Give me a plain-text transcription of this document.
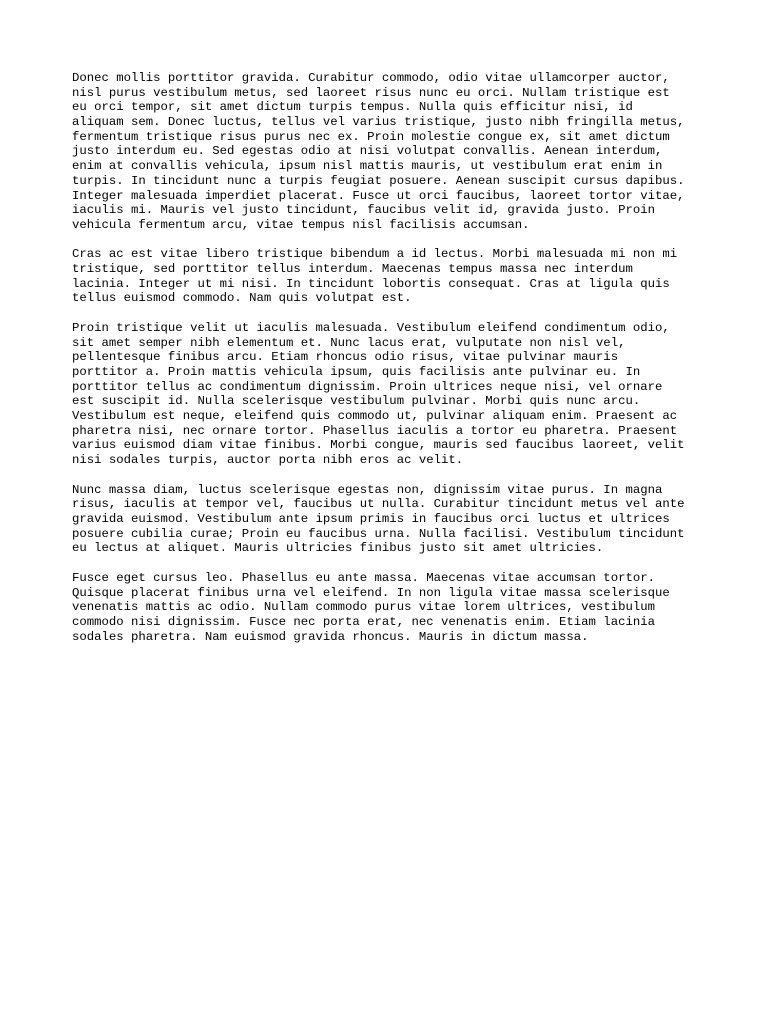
Donec mollis porttitor gravida. Curabitur commodo, odio vitae ullamcorper auctor,
nisl purus vestibulum metus, sed laoreet risus nunc eu orci. Nullam tristique est
eu orci tempor, sit amet dictum turpis tempus. Nulla quis efficitur nisi, id
aliquam sem. Donec luctus, tellus vel varius tristique, justo nibh fringilla metus,
fermentum tristique risus purus nec ex. Proin molestie congue ex, sit amet dictum
justo interdum eu. Sed egestas odio at nisi volutpat convallis. Aenean interdum,
enim at convallis vehicula, ipsum nisl mattis mauris, ut vestibulum erat enim in
turpis. In tincidunt nunc a turpis feugiat posuere. Aenean suscipit cursus dapibus.
Integer malesuada imperdiet placerat. Fusce ut orci faucibus, laoreet tortor vitae,
iaculis mi. Mauris vel justo tincidunt, faucibus velit id, gravida justo. Proin
vehicula fermentum arcu, vitae tempus nisl facilisis accumsan.

Cras ac est vitae libero tristique bibendum a id lectus. Morbi malesuada mi non mi
tristique, sed porttitor tellus interdum. Maecenas tempus massa nec interdum
lacinia. Integer ut mi nisi. In tincidunt lobortis consequat. Cras at ligula quis
tellus euismod commodo. Nam quis volutpat est.

Proin tristique velit ut iaculis malesuada. Vestibulum eleifend condimentum odio,
sit amet semper nibh elementum et. Nunc lacus erat, vulputate non nisl vel,
pellentesque finibus arcu. Etiam rhoncus odio risus, vitae pulvinar mauris
porttitor a. Proin mattis vehicula ipsum, quis facilisis ante pulvinar eu. In
porttitor tellus ac condimentum dignissim. Proin ultrices neque nisi, vel ornare
est suscipit id. Nulla scelerisque vestibulum pulvinar. Morbi quis nunc arcu.
Vestibulum est neque, eleifend quis commodo ut, pulvinar aliquam enim. Praesent ac
pharetra nisi, nec ornare tortor. Phasellus iaculis a tortor eu pharetra. Praesent
varius euismod diam vitae finibus. Morbi congue, mauris sed faucibus laoreet, velit
nisi sodales turpis, auctor porta nibh eros ac velit.

Nunc massa diam, luctus scelerisque egestas non, dignissim vitae purus. In magna
risus, iaculis at tempor vel, faucibus ut nulla. Curabitur tincidunt metus vel ante
gravida euismod. Vestibulum ante ipsum primis in faucibus orci luctus et ultrices
posuere cubilia curae; Proin eu faucibus urna. Nulla facilisi. Vestibulum tincidunt
eu lectus at aliquet. Mauris ultricies finibus justo sit amet ultricies.

Fusce eget cursus leo. Phasellus eu ante massa. Maecenas vitae accumsan tortor.
Quisque placerat finibus urna vel eleifend. In non ligula vitae massa scelerisque
venenatis mattis ac odio. Nullam commodo purus vitae lorem ultrices, vestibulum
commodo nisi dignissim. Fusce nec porta erat, nec venenatis enim. Etiam lacinia
sodales pharetra. Nam euismod gravida rhoncus. Mauris in dictum massa.
